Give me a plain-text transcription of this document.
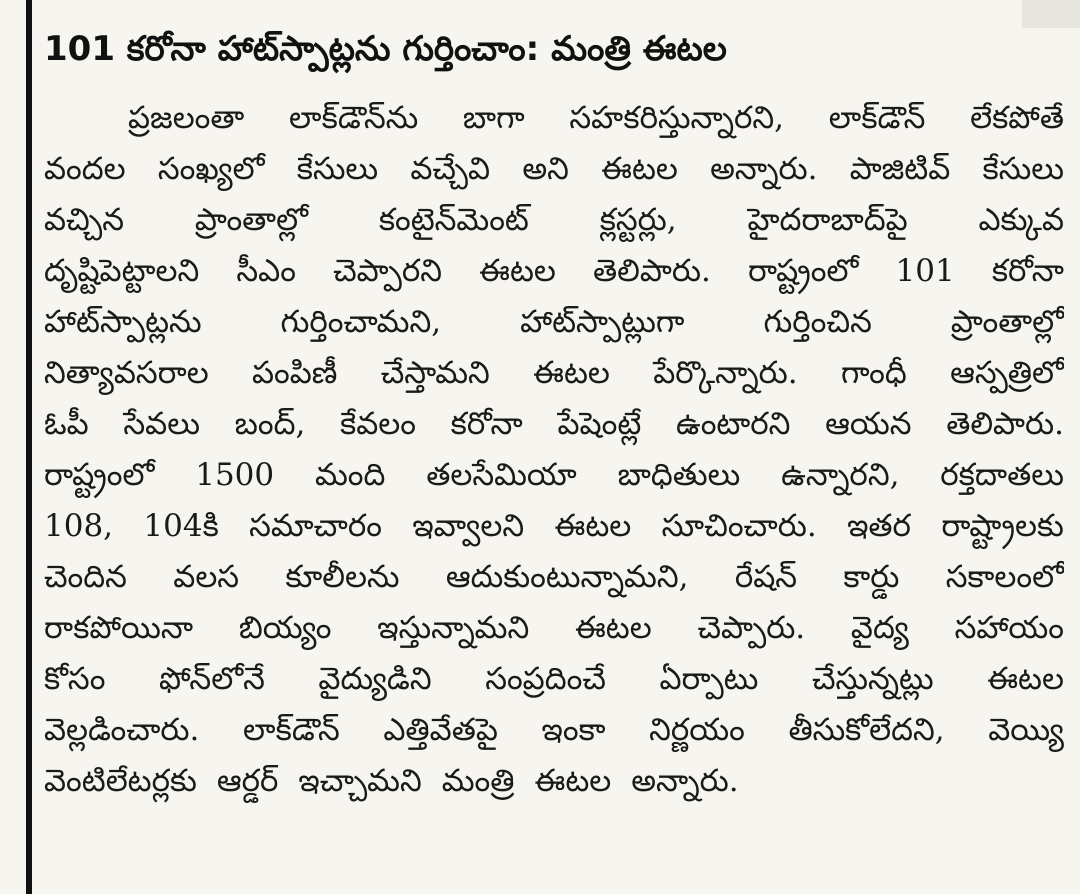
101 కరోనా హాట్‌స్పాట్లను గుర్తించాం: మంత్రి ఈటల
ప్రజలంతా లాక్‌డౌన్‌ను బాగా సహకరిస్తున్నారని, లాక్‌డౌన్ లేకపోతే
వందల సంఖ్యలో కేసులు వచ్చేవి అని ఈటల అన్నారు. పాజిటివ్ కేసులు
వచ్చిన ప్రాంతాల్లో కంటైన్‌మెంట్ క్లస్టర్లు, హైదరాబాద్‌పై ఎక్కువ
దృష్టిపెట్టాలని సీఎం చెప్పారని ఈటల తెలిపారు. రాష్ట్రంలో 101 కరోనా
హాట్‌స్పాట్లను	గుర్తించామని,	హాట్‌స్పాట్లుగా	గుర్తించిన	ప్రాంతాల్లో
నిత్యావసరాల పంపిణీ చేస్తామని ఈటల పేర్కొన్నారు. గాంధీ ఆస్పత్రిలో
ఓపీ సేవలు బంద్, కేవలం కరోనా పేషెంట్లే ఉంటారని ఆయన తెలిపారు.
రాష్ట్రంలో 1500 మంది తలసేమియా బాధితులు ఉన్నారని, రక్తదాతలు
108, 104కి సమాచారం ఇవ్వాలని ఈటల సూచించారు. ఇతర రాష్ట్రాలకు
చెందిన వలస కూలీలను ఆదుకుంటున్నామని, రేషన్ కార్డు సకాలంలో
రాకపోయినా బియ్యం ఇస్తున్నామని ఈటల చెప్పారు. వైద్య సహాయం
కోసం ఫోన్‌లోనే వైద్యుడిని సంప్రదించే ఏర్పాటు చేస్తున్నట్లు ఈటల
వెల్లడించారు. లాక్‌డౌన్ ఎత్తివేతపై ఇంకా నిర్ణయం తీసుకోలేదని, వెయ్యి
వెంటిలేటర్లకు ఆర్డర్ ఇచ్చామని మంత్రి ఈటల అన్నారు.
